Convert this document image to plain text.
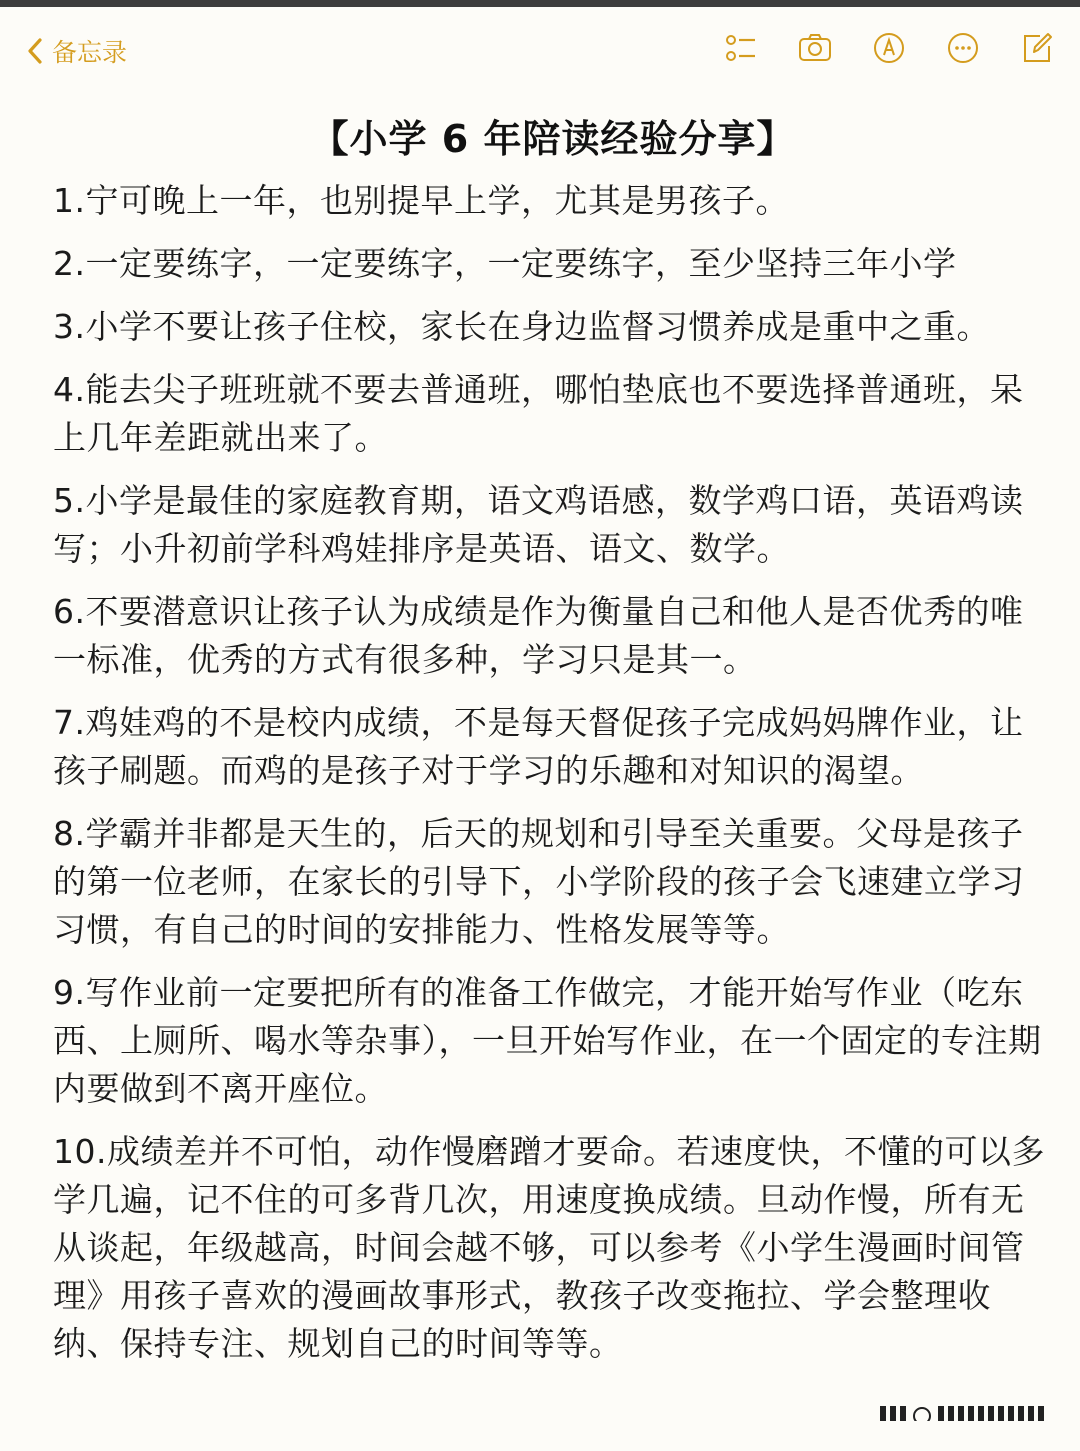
备忘录
【小学 6 年陪读经验分享】
1.宁可晚上一年，也别提早上学，尤其是男孩子。
2.一定要练字，一定要练字，一定要练字，至少坚持三年小学
3.小学不要让孩子住校，家长在身边监督习惯养成是重中之重。
4.能去尖子班班就不要去普通班，哪怕垫底也不要选择普通班，呆上几年差距就出来了。
5.小学是最佳的家庭教育期，语文鸡语感，数学鸡口语，英语鸡读写；小升初前学科鸡娃排序是英语、语文、数学。
6.不要潜意识让孩子认为成绩是作为衡量自己和他人是否优秀的唯一标准，优秀的方式有很多种，学习只是其一。
7.鸡娃鸡的不是校内成绩，不是每天督促孩子完成妈妈牌作业，让孩子刷题。而鸡的是孩子对于学习的乐趣和对知识的渴望。
8.学霸并非都是天生的，后天的规划和引导至关重要。父母是孩子的第一位老师，在家长的引导下，小学阶段的孩子会飞速建立学习习惯，有自己的时间的安排能力、性格发展等等。
9.写作业前一定要把所有的准备工作做完，才能开始写作业（吃东西、上厕所、喝水等杂事），一旦开始写作业，在一个固定的专注期内要做到不离开座位。
10.成绩差并不可怕，动作慢磨蹭才要命。若速度快，不懂的可以多学几遍，记不住的可多背几次，用速度换成绩。旦动作慢，所有无从谈起，年级越高，时间会越不够，可以参考《小学生漫画时间管理》用孩子喜欢的漫画故事形式，教孩子改变拖拉、学会整理收纳、保持专注、规划自己的时间等等。
